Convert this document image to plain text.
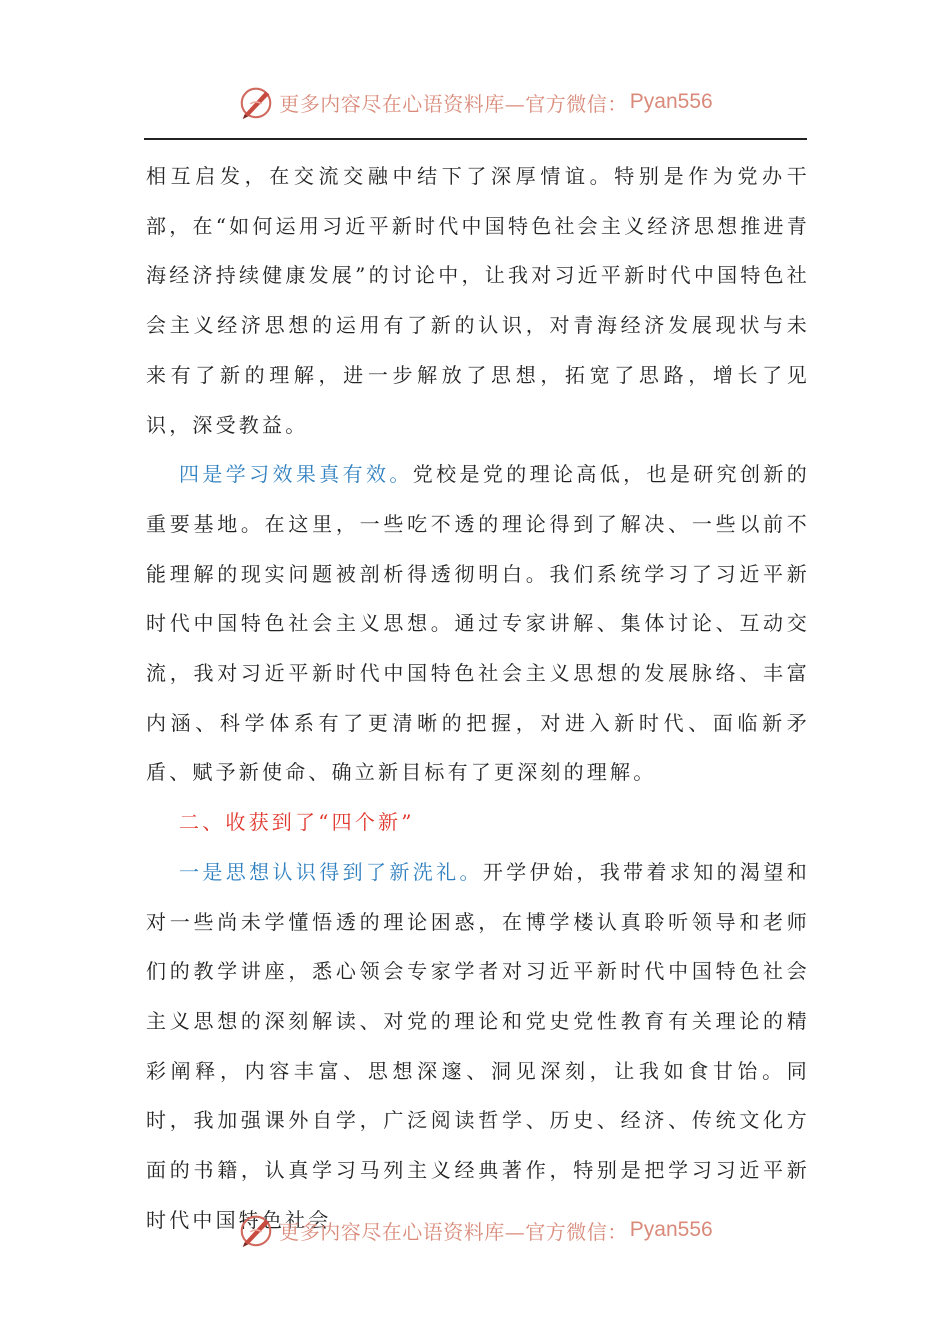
更多内容尽在心语资料库—官方微信： Pyan556

相互启发，在交流交融中结下了深厚情谊。特别是作为党办干部，在“如何运用习近平新时代中国特色社会主义经济思想推进青海经济持续健康发展”的讨论中，让我对习近平新时代中国特色社会主义经济思想的运用有了新的认识，对青海经济发展现状与未来有了新的理解，进一步解放了思想，拓宽了思路，增长了见识，深受教益。

四是学习效果真有效。党校是党的理论高低，也是研究创新的重要基地。在这里，一些吃不透的理论得到了解决、一些以前不能理解的现实问题被剖析得透彻明白。我们系统学习了习近平新时代中国特色社会主义思想。通过专家讲解、集体讨论、互动交流，我对习近平新时代中国特色社会主义思想的发展脉络、丰富内涵、科学体系有了更清晰的把握，对进入新时代、面临新矛盾、赋予新使命、确立新目标有了更深刻的理解。

二、收获到了“四个新”

一是思想认识得到了新洗礼。开学伊始，我带着求知的渴望和对一些尚未学懂悟透的理论困惑，在博学楼认真聆听领导和老师们的教学讲座，悉心领会专家学者对习近平新时代中国特色社会主义思想的深刻解读、对党的理论和党史党性教育有关理论的精彩阐释，内容丰富、思想深邃、洞见深刻，让我如食甘饴。同时，我加强课外自学，广泛阅读哲学、历史、经济、传统文化方面的书籍，认真学习马列主义经典著作，特别是把学习习近平新时代中国特色社会

更多内容尽在心语资料库—官方微信： Pyan556
